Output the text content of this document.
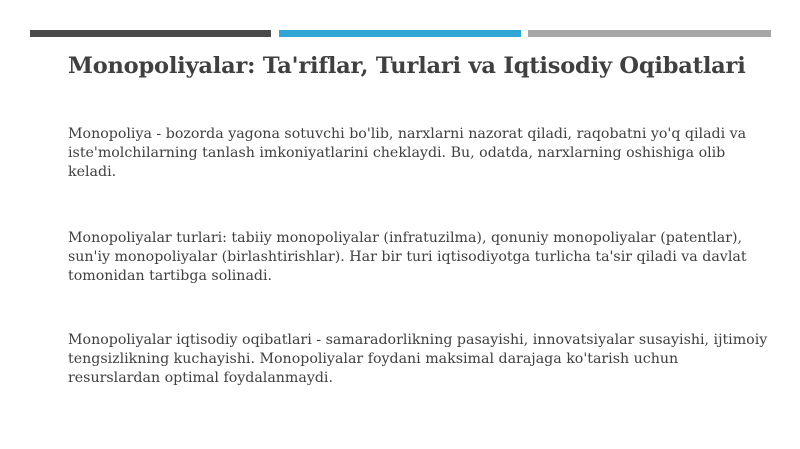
Monopoliyalar: Ta'riflar, Turlari va Iqtisodiy Oqibatlari

Monopoliya - bozorda yagona sotuvchi bo'lib, narxlarni nazorat qiladi, raqobatni yo'q qiladi va iste'molchilarning tanlash imkoniyatlarini cheklaydi. Bu, odatda, narxlarning oshishiga olib keladi.

Monopoliyalar turlari: tabiiy monopoliyalar (infratuzilma), qonuniy monopoliyalar (patentlar), sun'iy monopoliyalar (birlashtirishlar). Har bir turi iqtisodiyotga turlicha ta'sir qiladi va davlat tomonidan tartibga solinadi.

Monopoliyalar iqtisodiy oqibatlari - samaradorlikning pasayishi, innovatsiyalar susayishi, ijtimoiy tengsizlikning kuchayishi. Monopoliyalar foydani maksimal darajaga ko'tarish uchun resurslardan optimal foydalanmaydi.
